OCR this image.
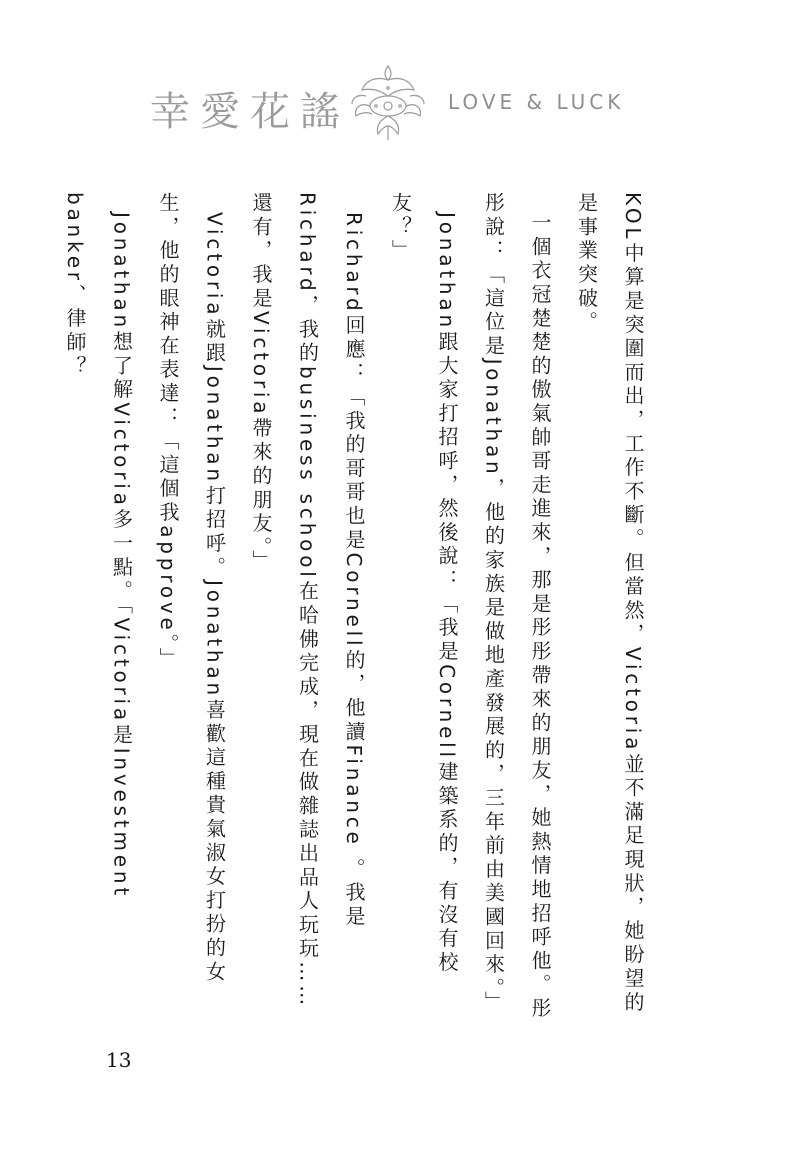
幸愛花謠	LOVE & LUCK

KOL中算是突圍而出，工作不斷。但當然，Victoria並不滿足現狀，她盼望的是事業突破。

一個衣冠楚楚的傲氣帥哥走進來，那是彤彤帶來的朋友，她熱情地招呼他。彤彤說：「這位是Jonathan，他的家族是做地產發展的，三年前由美國回來。」

Jonathan跟大家打招呼，然後說：「我是Cornell建築系的，有沒有校友？」

Richard回應：「我的哥哥也是Cornell的，他讀Finance 。我是Richard，我的business school在哈佛完成，現在做雜誌出品人玩玩……還有，我是Victoria帶來的朋友。」

Victoria就跟Jonathan打招呼。Jonathan喜歡這種貴氣淑女打扮的女生，他的眼神在表達：「這個我approve。」

Jonathan想了解Victoria多一點。「Victoria是Investment banker、律師？

13
